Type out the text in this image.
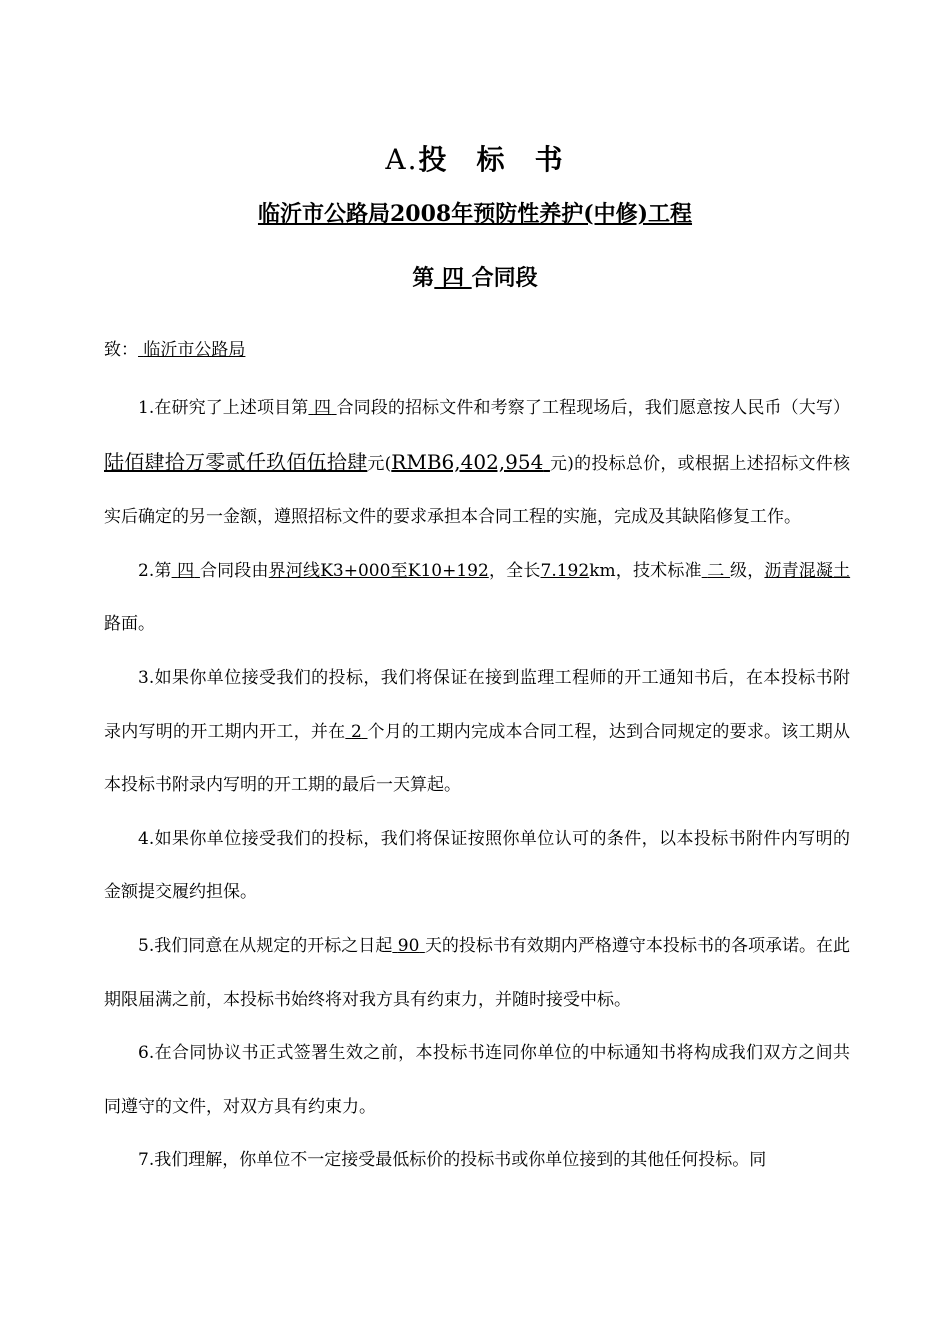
A.投 标 书
临沂市公路局2008年预防性养护(中修)工程
第 四 合同段
致： 临沂市公路局

1.在研究了上述项目第 四 合同段的招标文件和考察了工程现场后，我们愿意按人民币（大写）陆佰肆拾万零贰仟玖佰伍拾肆元(RMB6,402,954 元)的投标总价，或根据上述招标文件核实后确定的另一金额，遵照招标文件的要求承担本合同工程的实施，完成及其缺陷修复工作。

2.第 四 合同段由界河线K3+000至K10+192，全长7.192km，技术标准 二 级，沥青混凝土路面。

3.如果你单位接受我们的投标，我们将保证在接到监理工程师的开工通知书后，在本投标书附录内写明的开工期内开工，并在 2 个月的工期内完成本合同工程，达到合同规定的要求。该工期从本投标书附录内写明的开工期的最后一天算起。

4.如果你单位接受我们的投标，我们将保证按照你单位认可的条件，以本投标书附件内写明的金额提交履约担保。

5.我们同意在从规定的开标之日起 90 天的投标书有效期内严格遵守本投标书的各项承诺。在此期限届满之前，本投标书始终将对我方具有约束力，并随时接受中标。

6.在合同协议书正式签署生效之前，本投标书连同你单位的中标通知书将构成我们双方之间共同遵守的文件，对双方具有约束力。

7.我们理解，你单位不一定接受最低标价的投标书或你单位接到的其他任何投标。同
